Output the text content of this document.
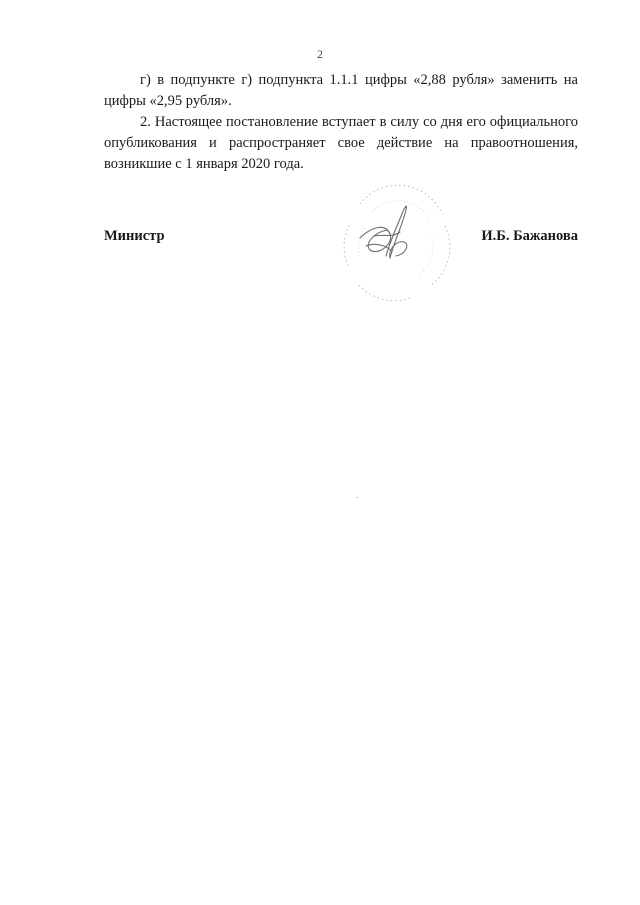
2

г) в подпункте г) подпункта 1.1.1 цифры «2,88 рубля» заменить на цифры «2,95 рубля».

2. Настоящее постановление вступает в силу со дня его официального опубликования и распространяет свое действие на правоотношения, возникшие с 1 января 2020 года.

Министр	И.Б. Бажанова
